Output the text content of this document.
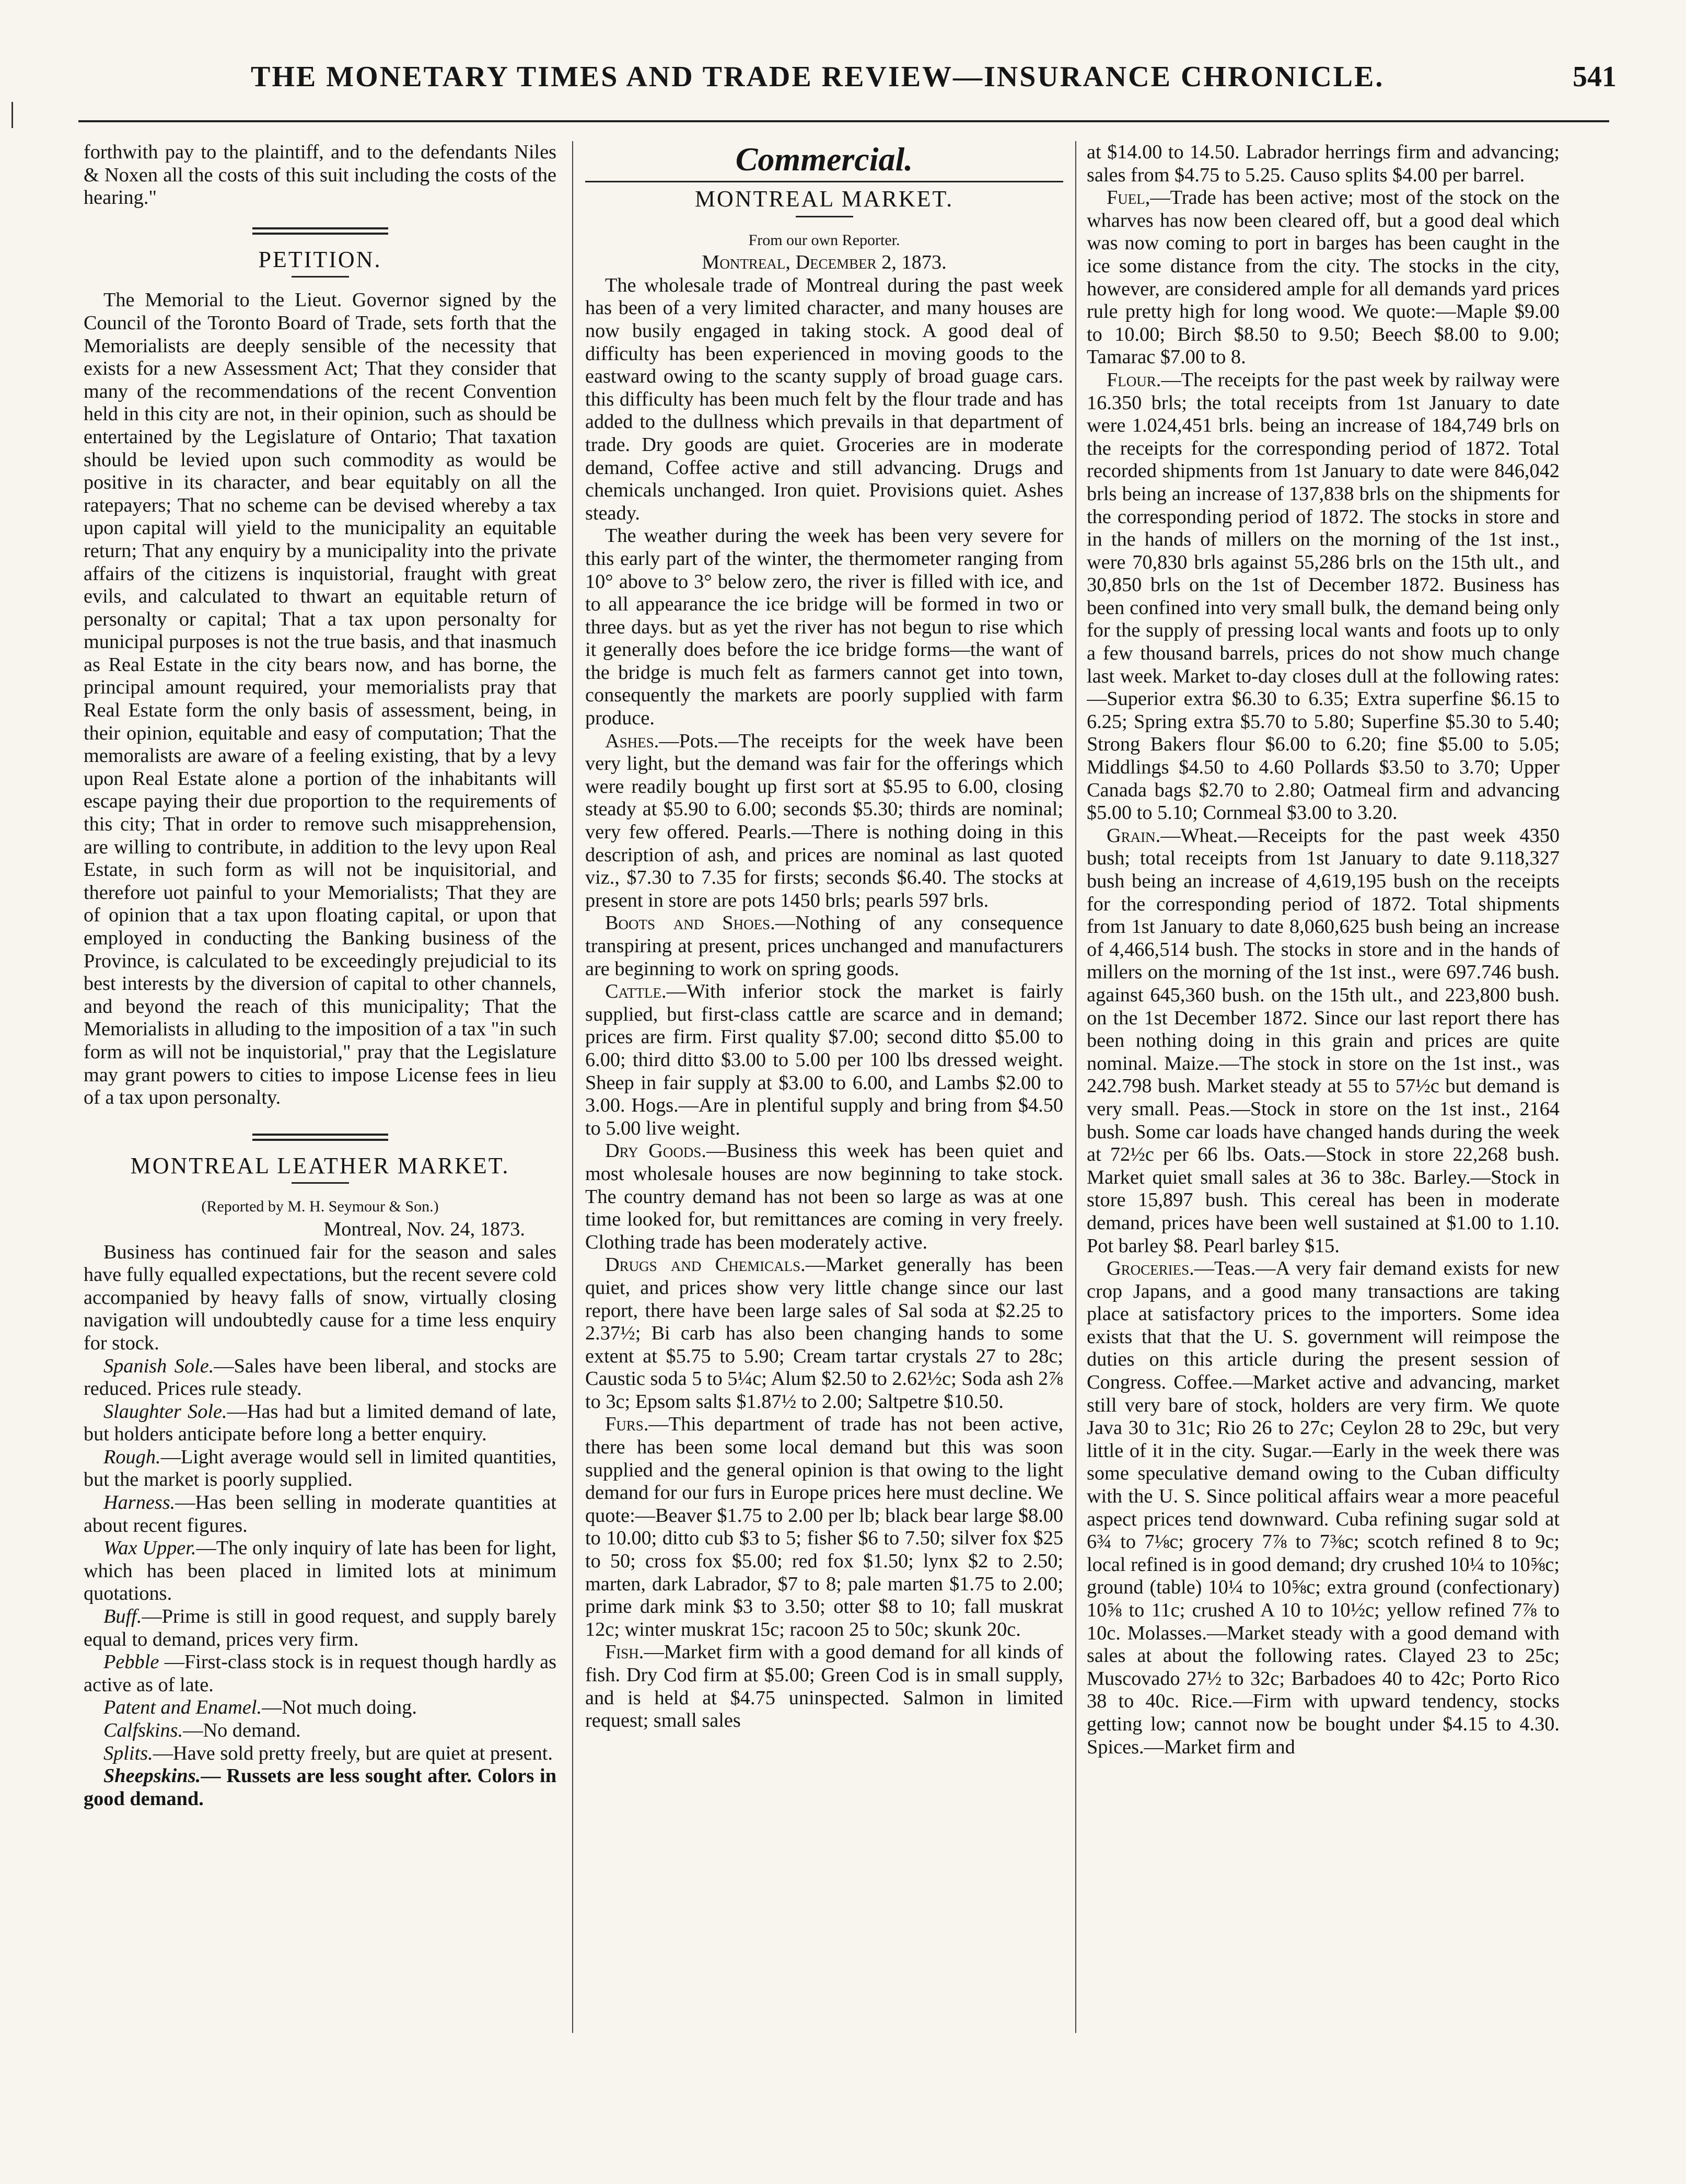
THE MONETARY TIMES AND TRADE REVIEW—INSURANCE CHRONICLE.	541

forthwith pay to the plaintiff, and to the defendants Niles & Noxen all the costs of this suit including the costs of the hearing."

PETITION.

The Memorial to the Lieut. Governor signed by the Council of the Toronto Board of Trade, sets forth that the Memorialists are deeply sensible of the necessity that exists for a new Assessment Act; That they consider that many of the recommendations of the recent Convention held in this city are not, in their opinion, such as should be entertained by the Legislature of Ontario; That taxation should be levied upon such commodity as would be positive in its character, and bear equitably on all the ratepayers; That no scheme can be devised whereby a tax upon capital will yield to the municipality an equitable return; That any enquiry by a municipality into the private affairs of the citizens is inquistorial, fraught with great evils, and calculated to thwart an equitable return of personalty or capital; That a tax upon personalty for municipal purposes is not the true basis, and that inasmuch as Real Estate in the city bears now, and has borne, the principal amount required, your memorialists pray that Real Estate form the only basis of assessment, being, in their opinion, equitable and easy of computation; That the memoralists are aware of a feeling existing, that by a levy upon Real Estate alone a portion of the inhabitants will escape paying their due proportion to the requirements of this city; That in order to remove such misapprehension, are willing to contribute, in addition to the levy upon Real Estate, in such form as will not be inquisitorial, and therefore uot painful to your Memorialists; That they are of opinion that a tax upon floating capital, or upon that employed in conducting the Banking business of the Province, is calculated to be exceedingly prejudicial to its best interests by the diversion of capital to other channels, and beyond the reach of this municipality; That the Memorialists in alluding to the imposition of a tax "in such form as will not be inquistorial," pray that the Legislature may grant powers to cities to impose License fees in lieu of a tax upon personalty.

MONTREAL LEATHER MARKET.

(Reported by M. H. Seymour & Son.)

Montreal, Nov. 24, 1873.

Business has continued fair for the season and sales have fully equalled expectations, but the recent severe cold accompanied by heavy falls of snow, virtually closing navigation will undoubtedly cause for a time less enquiry for stock.

Spanish Sole.—Sales have been liberal, and stocks are reduced. Prices rule steady.

Slaughter Sole.—Has had but a limited demand of late, but holders anticipate before long a better enquiry.

Rough.—Light average would sell in limited quantities, but the market is poorly supplied.

Harness.—Has been selling in moderate quantities at about recent figures.

Wax Upper.—The only inquiry of late has been for light, which has been placed in limited lots at minimum quotations.

Buff.—Prime is still in good request, and supply barely equal to demand, prices very firm.

Pebble —First-class stock is in request though hardly as active as of late.

Patent and Enamel.—Not much doing.

Calfskins.—No demand.

Splits.—Have sold pretty freely, but are quiet at present.

Sheepskins.— Russets are less sought after. Colors in good demand.

Commercial.
MONTREAL MARKET.

From our own Reporter.

Montreal, December 2, 1873.

The wholesale trade of Montreal during the past week has been of a very limited character, and many houses are now busily engaged in taking stock. A good deal of difficulty has been experienced in moving goods to the eastward owing to the scanty supply of broad guage cars. this difficulty has been much felt by the flour trade and has added to the dullness which prevails in that department of trade. Dry goods are quiet. Groceries are in moderate demand, Coffee active and still advancing. Drugs and chemicals unchanged. Iron quiet. Provisions quiet. Ashes steady.

The weather during the week has been very severe for this early part of the winter, the thermometer ranging from 10° above to 3° below zero, the river is filled with ice, and to all appearance the ice bridge will be formed in two or three days. but as yet the river has not begun to rise which it generally does before the ice bridge forms—the want of the bridge is much felt as farmers cannot get into town, consequently the markets are poorly supplied with farm produce.

Ashes.—Pots.—The receipts for the week have been very light, but the demand was fair for the offerings which were readily bought up first sort at $5.95 to 6.00, closing steady at $5.90 to 6.00; seconds $5.30; thirds are nominal; very few offered. Pearls.—There is nothing doing in this description of ash, and prices are nominal as last quoted viz., $7.30 to 7.35 for firsts; seconds $6.40. The stocks at present in store are pots 1450 brls; pearls 597 brls.

Boots and Shoes.—Nothing of any consequence transpiring at present, prices unchanged and manufacturers are beginning to work on spring goods.

Cattle.—With inferior stock the market is fairly supplied, but first-class cattle are scarce and in demand; prices are firm. First quality $7.00; second ditto $5.00 to 6.00; third ditto $3.00 to 5.00 per 100 lbs dressed weight. Sheep in fair supply at $3.00 to 6.00, and Lambs $2.00 to 3.00. Hogs.—Are in plentiful supply and bring from $4.50 to 5.00 live weight.

Dry Goods.—Business this week has been quiet and most wholesale houses are now beginning to take stock. The country demand has not been so large as was at one time looked for, but remittances are coming in very freely. Clothing trade has been moderately active.

Drugs and Chemicals.—Market generally has been quiet, and prices show very little change since our last report, there have been large sales of Sal soda at $2.25 to 2.37½; Bi carb has also been changing hands to some extent at $5.75 to 5.90; Cream tartar crystals 27 to 28c; Caustic soda 5 to 5¼c; Alum $2.50 to 2.62½c; Soda ash 2⅞ to 3c; Epsom salts $1.87½ to 2.00; Saltpetre $10.50.

Furs.—This department of trade has not been active, there has been some local demand but this was soon supplied and the general opinion is that owing to the light demand for our furs in Europe prices here must decline. We quote:—Beaver $1.75 to 2.00 per lb; black bear large $8.00 to 10.00; ditto cub $3 to 5; fisher $6 to 7.50; silver fox $25 to 50; cross fox $5.00; red fox $1.50; lynx $2 to 2.50; marten, dark Labrador, $7 to 8; pale marten $1.75 to 2.00; prime dark mink $3 to 3.50; otter $8 to 10; fall muskrat 12c; winter muskrat 15c; racoon 25 to 50c; skunk 20c.

Fish.—Market firm with a good demand for all kinds of fish. Dry Cod firm at $5.00; Green Cod is in small supply, and is held at $4.75 uninspected. Salmon in limited request; small sales

at $14.00 to 14.50. Labrador herrings firm and advancing; sales from $4.75 to 5.25. Causo splits $4.00 per barrel.

Fuel,—Trade has been active; most of the stock on the wharves has now been cleared off, but a good deal which was now coming to port in barges has been caught in the ice some distance from the city. The stocks in the city, however, are considered ample for all demands yard prices rule pretty high for long wood. We quote:—Maple $9.00 to 10.00; Birch $8.50 to 9.50; Beech $8.00 to 9.00; Tamarac $7.00 to 8.

Flour.—The receipts for the past week by railway were 16.350 brls; the total receipts from 1st January to date were 1.024,451 brls. being an increase of 184,749 brls on the receipts for the corresponding period of 1872. Total recorded shipments from 1st January to date were 846,042 brls being an increase of 137,838 brls on the shipments for the corresponding period of 1872. The stocks in store and in the hands of millers on the morning of the 1st inst., were 70,830 brls against 55,286 brls on the 15th ult., and 30,850 brls on the 1st of December 1872. Business has been confined into very small bulk, the demand being only for the supply of pressing local wants and foots up to only a few thousand barrels, prices do not show much change last week. Market to-day closes dull at the following rates: —Superior extra $6.30 to 6.35; Extra superfine $6.15 to 6.25; Spring extra $5.70 to 5.80; Superfine $5.30 to 5.40; Strong Bakers flour $6.00 to 6.20; fine $5.00 to 5.05; Middlings $4.50 to 4.60 Pollards $3.50 to 3.70; Upper Canada bags $2.70 to 2.80; Oatmeal firm and advancing $5.00 to 5.10; Cornmeal $3.00 to 3.20.

Grain.—Wheat.—Receipts for the past week 4350 bush; total receipts from 1st January to date 9.118,327 bush being an increase of 4,619,195 bush on the receipts for the corresponding period of 1872. Total shipments from 1st January to date 8,060,625 bush being an increase of 4,466,514 bush. The stocks in store and in the hands of millers on the morning of the 1st inst., were 697.746 bush. against 645,360 bush. on the 15th ult., and 223,800 bush. on the 1st December 1872. Since our last report there has been nothing doing in this grain and prices are quite nominal. Maize.—The stock in store on the 1st inst., was 242.798 bush. Market steady at 55 to 57½c but demand is very small. Peas.—Stock in store on the 1st inst., 2164 bush. Some car loads have changed hands during the week at 72½c per 66 lbs. Oats.—Stock in store 22,268 bush. Market quiet small sales at 36 to 38c. Barley.—Stock in store 15,897 bush. This cereal has been in moderate demand, prices have been well sustained at $1.00 to 1.10. Pot barley $8. Pearl barley $15.

Groceries.—Teas.—A very fair demand exists for new crop Japans, and a good many transactions are taking place at satisfactory prices to the importers. Some idea exists that that the U. S. government will reimpose the duties on this article during the present session of Congress. Coffee.—Market active and advancing, market still very bare of stock, holders are very firm. We quote Java 30 to 31c; Rio 26 to 27c; Ceylon 28 to 29c, but very little of it in the city. Sugar.—Early in the week there was some speculative demand owing to the Cuban difficulty with the U. S. Since political affairs wear a more peaceful aspect prices tend downward. Cuba refining sugar sold at 6¾ to 7⅛c; grocery 7⅞ to 7⅜c; scotch refined 8 to 9c; local refined is in good demand; dry crushed 10¼ to 10⅝c; ground (table) 10¼ to 10⅝c; extra ground (confectionary) 10⅝ to 11c; crushed A 10 to 10½c; yellow refined 7⅞ to 10c. Molasses.—Market steady with a good demand with sales at about the following rates. Clayed 23 to 25c; Muscovado 27½ to 32c; Barbadoes 40 to 42c; Porto Rico 38 to 40c. Rice.—Firm with upward tendency, stocks getting low; cannot now be bought under $4.15 to 4.30. Spices.—Market firm and
